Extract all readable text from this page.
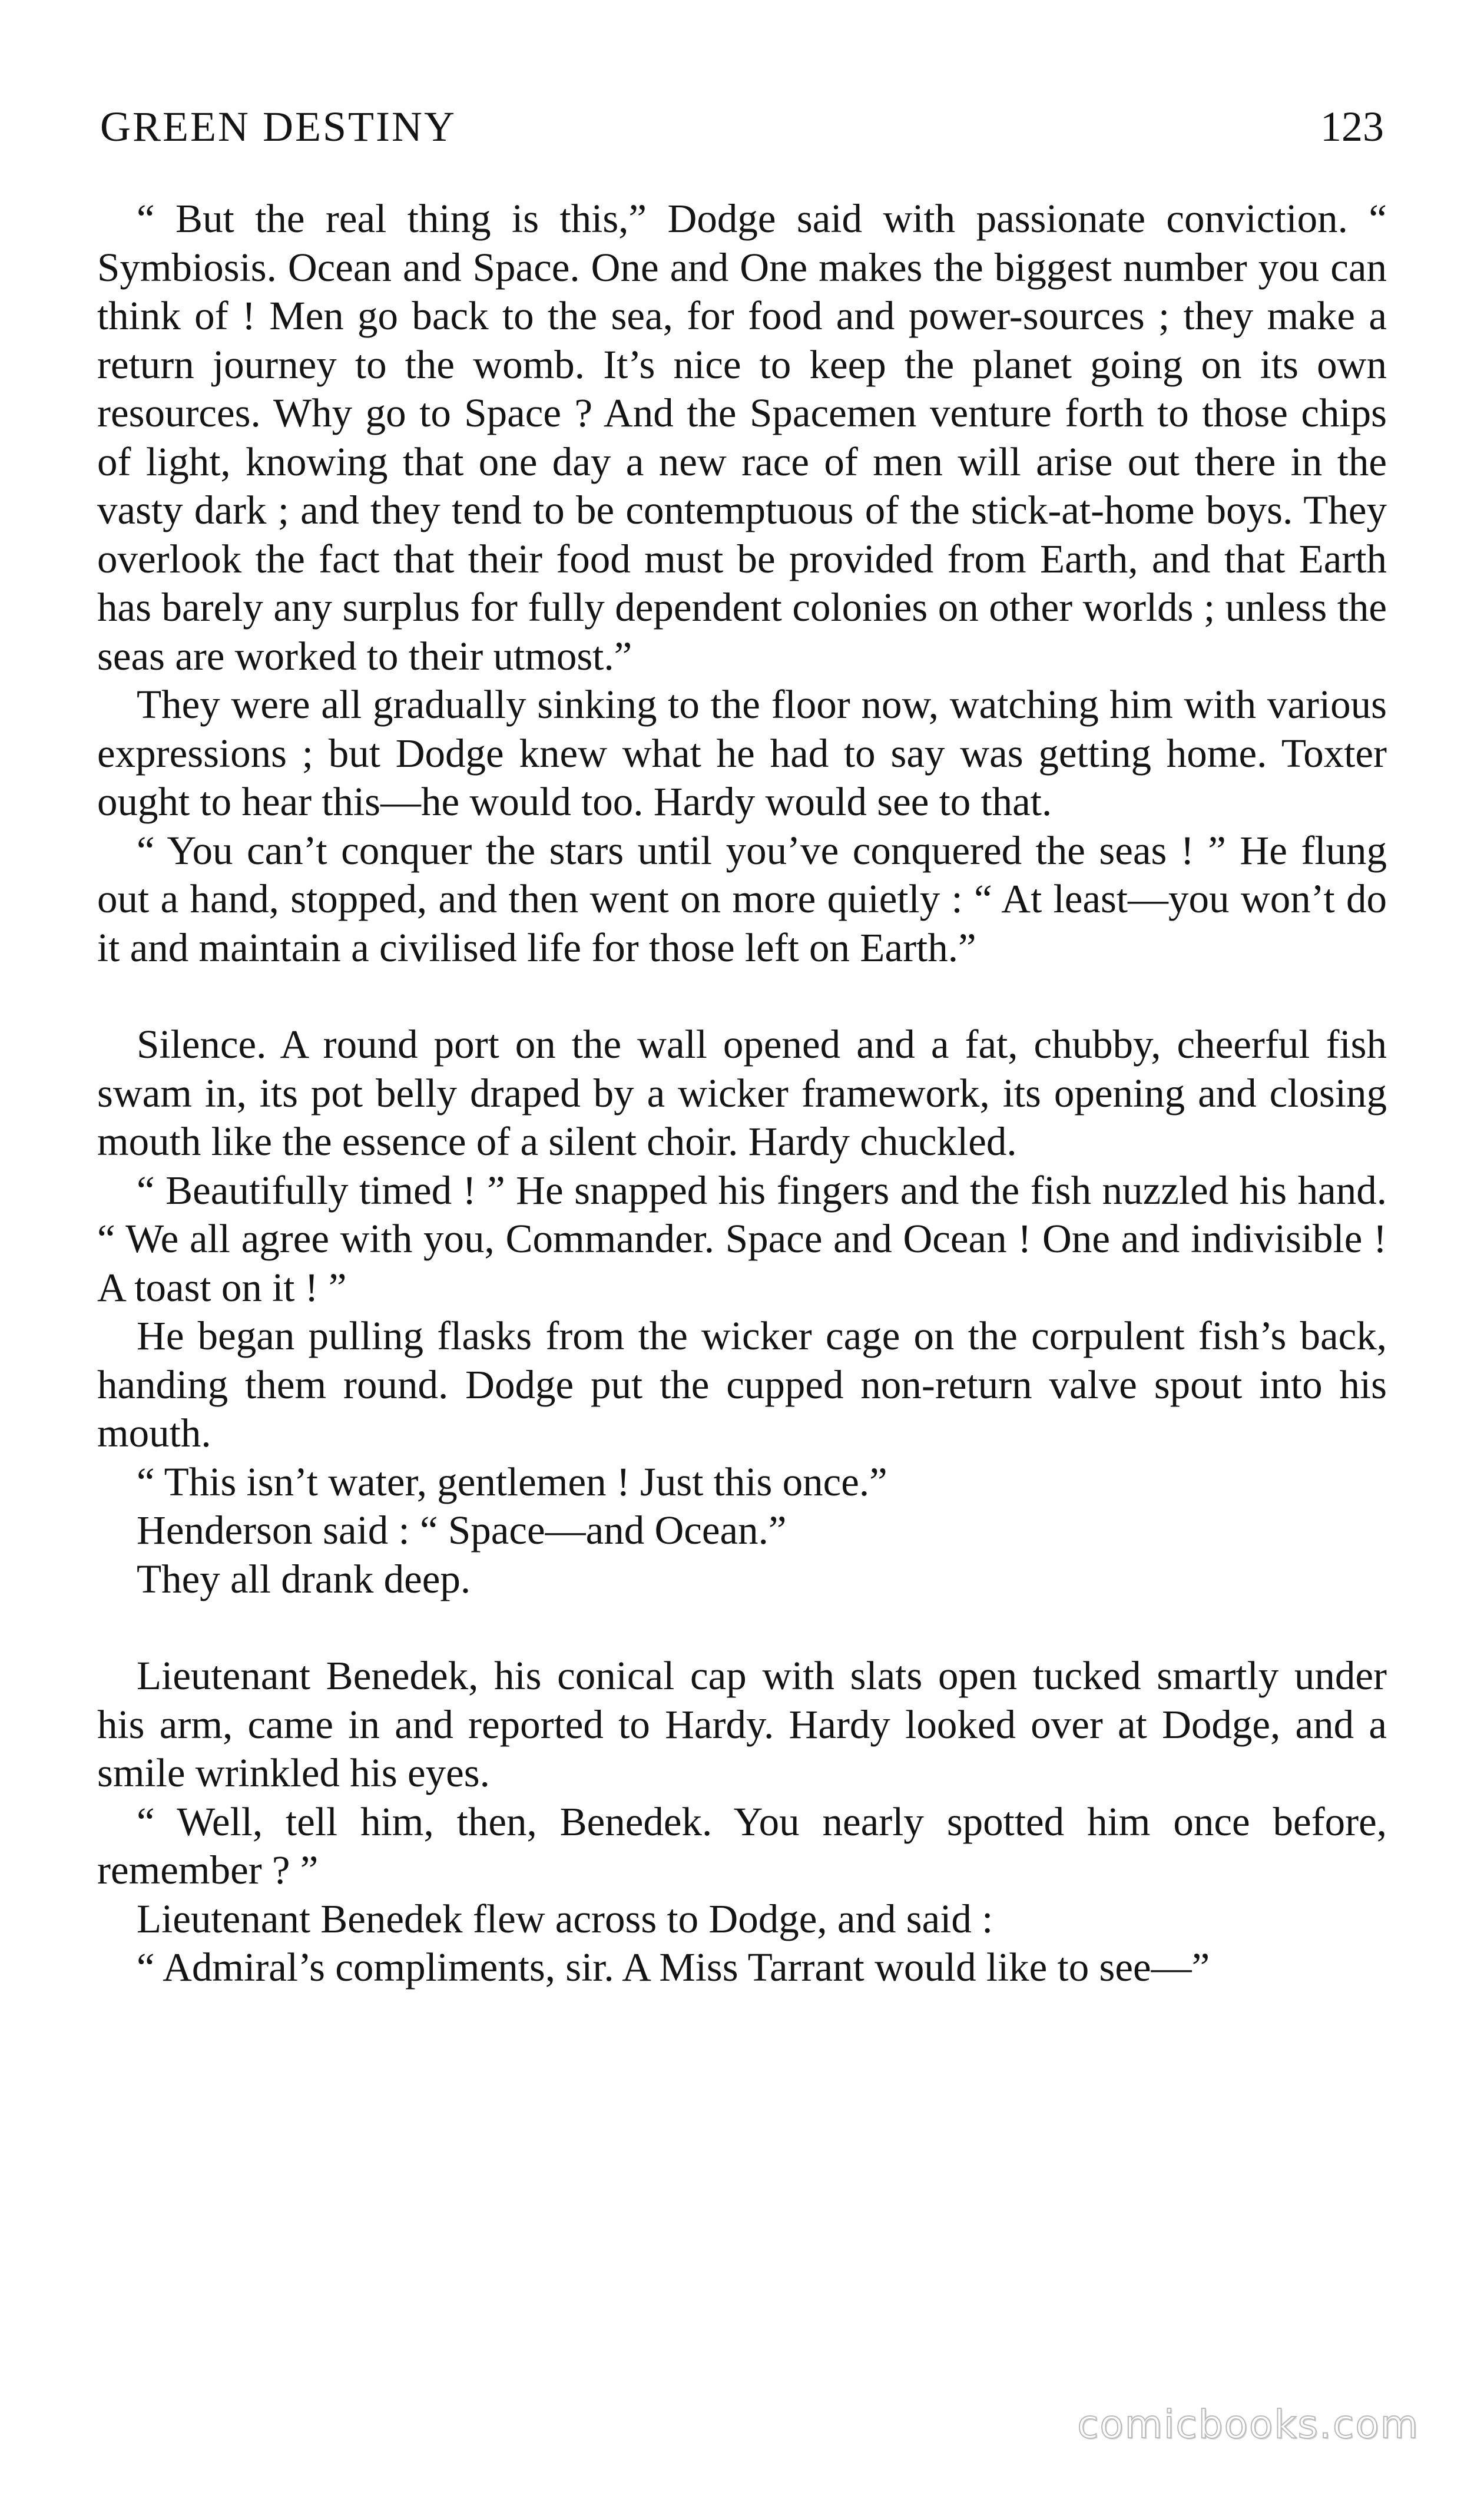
GREEN DESTINY	123

“ But the real thing is this,” Dodge said with passionate conviction. “ Symbiosis. Ocean and Space. One and One makes the biggest number you can think of ! Men go back to the sea, for food and power-sources ; they make a return journey to the womb. It’s nice to keep the planet going on its own resources. Why go to Space ? And the Spacemen venture forth to those chips of light, knowing that one day a new race of men will arise out there in the vasty dark ; and they tend to be contemptuous of the stick-at-home boys. They overlook the fact that their food must be provided from Earth, and that Earth has barely any surplus for fully dependent colonies on other worlds ; unless the seas are worked to their utmost.”

They were all gradually sinking to the floor now, watching him with various expressions ; but Dodge knew what he had to say was getting home. Toxter ought to hear this—he would too. Hardy would see to that.

“ You can’t conquer the stars until you’ve conquered the seas ! ” He flung out a hand, stopped, and then went on more quietly : “ At least—you won’t do it and maintain a civilised life for those left on Earth.”

Silence. A round port on the wall opened and a fat, chubby, cheerful fish swam in, its pot belly draped by a wicker framework, its opening and closing mouth like the essence of a silent choir. Hardy chuckled.

“ Beautifully timed ! ” He snapped his fingers and the fish nuzzled his hand. “ We all agree with you, Commander. Space and Ocean ! One and indivisible ! A toast on it ! ”

He began pulling flasks from the wicker cage on the corpulent fish’s back, handing them round. Dodge put the cupped non-return valve spout into his mouth.

“ This isn’t water, gentlemen ! Just this once.”

Henderson said : “ Space—and Ocean.”

They all drank deep.

Lieutenant Benedek, his conical cap with slats open tucked smartly under his arm, came in and reported to Hardy. Hardy looked over at Dodge, and a smile wrinkled his eyes.

“ Well, tell him, then, Benedek. You nearly spotted him once before, remember ? ”

Lieutenant Benedek flew across to Dodge, and said :

“ Admiral’s compliments, sir. A Miss Tarrant would like to see—”

comicbooks.com
